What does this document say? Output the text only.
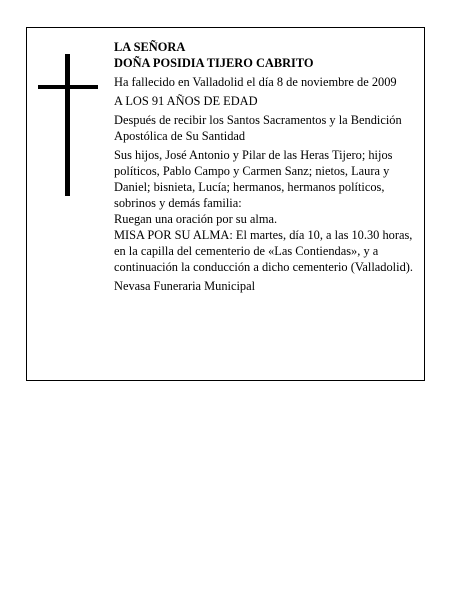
LA SEÑORA

DOÑA POSIDIA TIJERO CABRITO

Ha fallecido en Valladolid el día 8 de noviembre de 2009

A LOS 91 AÑOS DE EDAD

Después de recibir los Santos Sacramentos y la Bendición Apostólica de Su Santidad

Sus hijos, José Antonio y Pilar de las Heras Tijero; hijos políticos, Pablo Campo y Carmen Sanz; nietos, Laura y Daniel; bisnieta, Lucía; hermanos, hermanos políticos, sobrinos y demás familia:

Ruegan una oración por su alma.

MISA POR SU ALMA: El martes, día 10, a las 10.30 horas, en la capilla del cementerio de «Las Contiendas», y a continuación la conducción a dicho cementerio (Valladolid).

Nevasa Funeraria Municipal
